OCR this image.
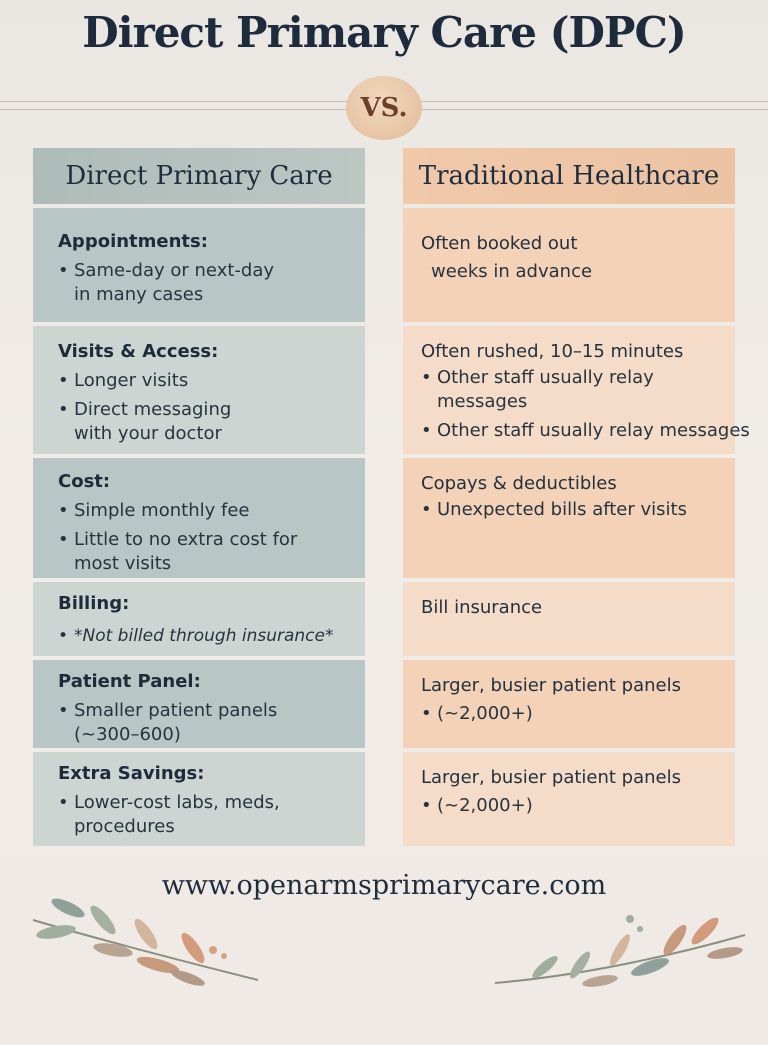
Direct Primary Care (DPC)
VS.
Direct Primary Care	Traditional Healthcare
Appointments:
• Same-day or next-day in many cases
Often booked out
weeks in advance
Visits & Access:
• Longer visits
• Direct messaging with your doctor
Often rushed, 10–15 minutes
• Other staff usually relay messages
• Other staff usually relay messages
Cost:
• Simple monthly fee
• Little to no extra cost for most visits
Copays & deductibles
• Unexpected bills after visits
Billing:
• *Not billed through insurance*
Bill insurance
Patient Panel:
• Smaller patient panels (~300–600)
Larger, busier patient panels
• (~2,000+)
Extra Savings:
• Lower-cost labs, meds, procedures
Larger, busier patient panels
• (~2,000+)
www.openarmsprimarycare.com
